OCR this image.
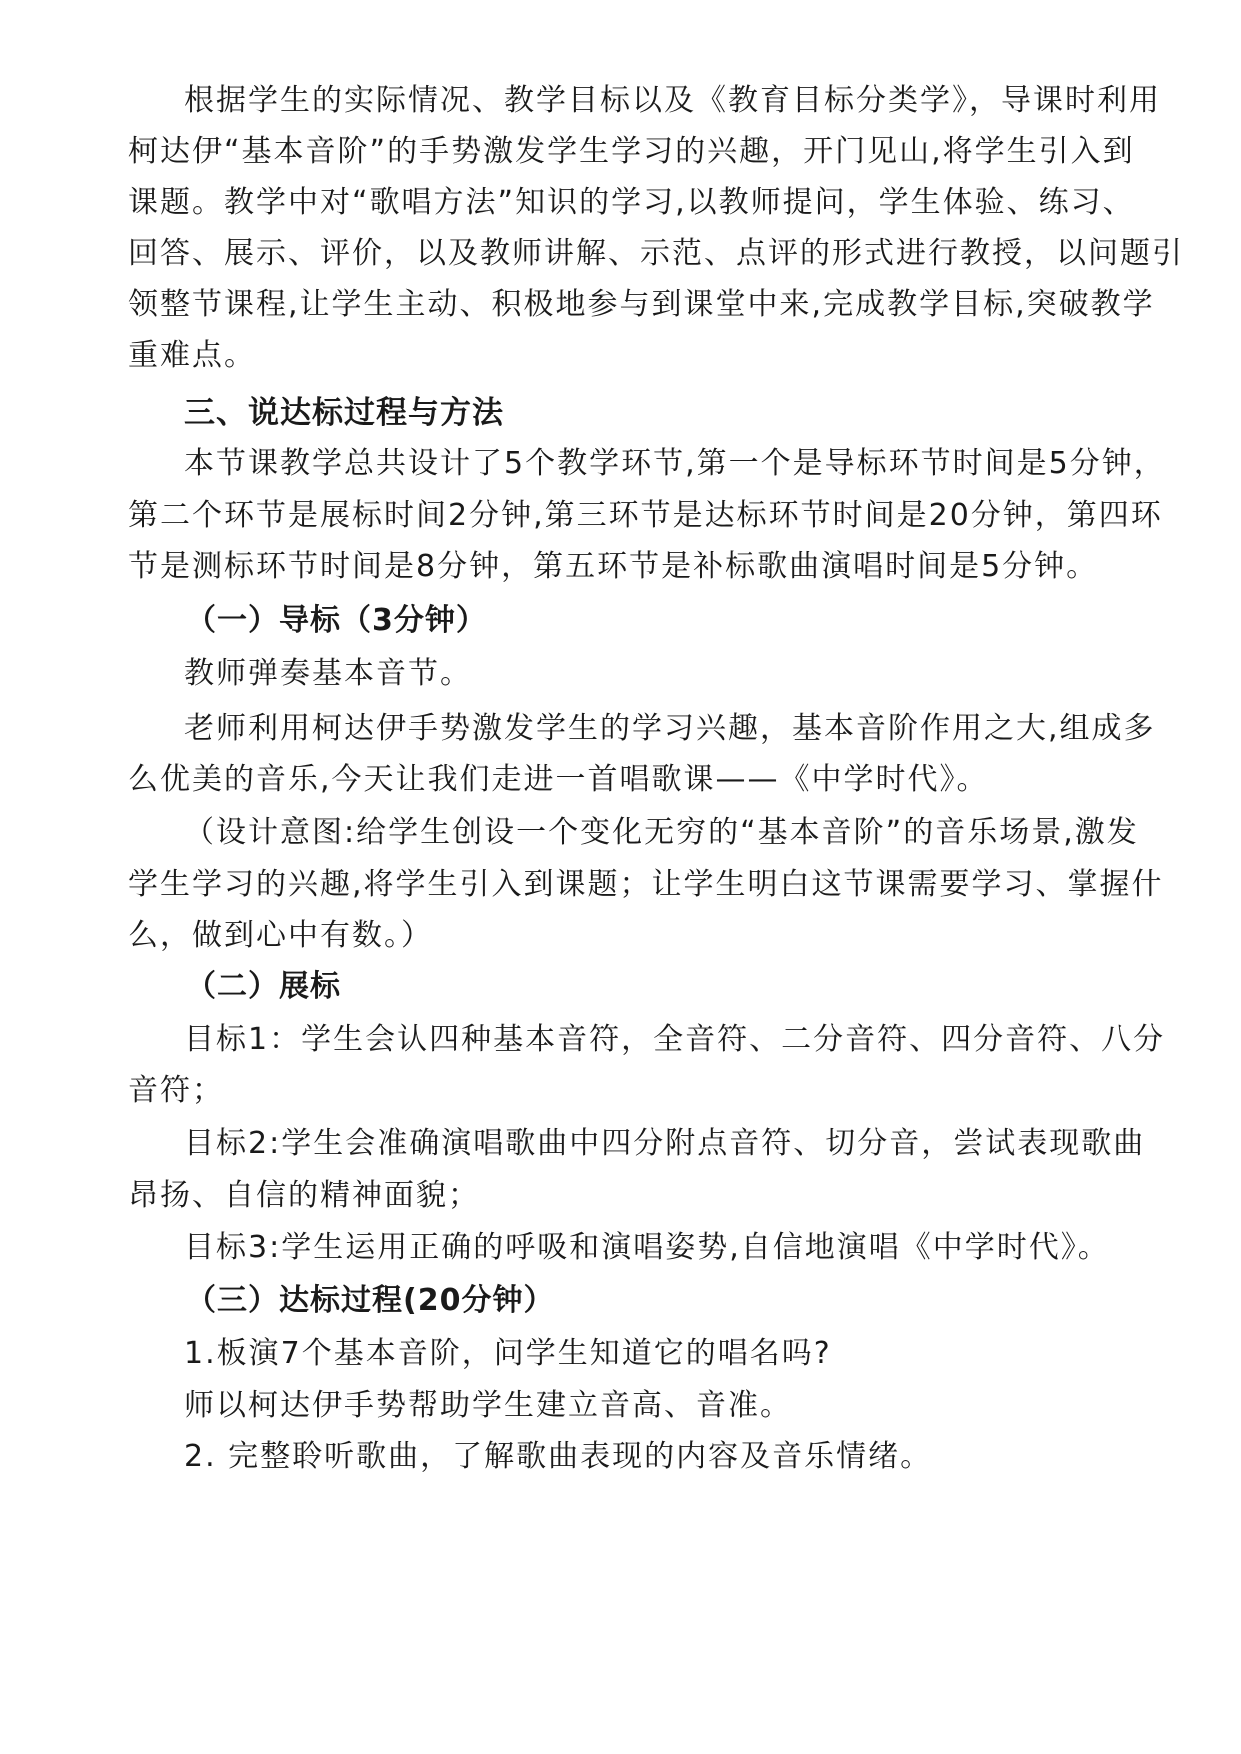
根据学生的实际情况、教学目标以及《教育目标分类学》，导课时利用
柯达伊“基本音阶”的手势激发学生学习的兴趣，开门见山,将学生引入到
课题。教学中对“歌唱方法”知识的学习,以教师提问，学生体验、练习、
回答、展示、评价，以及教师讲解、示范、点评的形式进行教授，以问题引
领整节课程,让学生主动、积极地参与到课堂中来,完成教学目标,突破教学
重难点。
三、说达标过程与方法
本节课教学总共设计了5个教学环节,第一个是导标环节时间是5分钟，
第二个环节是展标时间2分钟,第三环节是达标环节时间是20分钟，第四环
节是测标环节时间是8分钟，第五环节是补标歌曲演唱时间是5分钟。
（一）导标（3分钟）
教师弹奏基本音节。
老师利用柯达伊手势激发学生的学习兴趣，基本音阶作用之大,组成多
么优美的音乐,今天让我们走进一首唱歌课——《中学时代》。
（设计意图:给学生创设一个变化无穷的“基本音阶”的音乐场景,激发
学生学习的兴趣,将学生引入到课题；让学生明白这节课需要学习、掌握什
么，做到心中有数。）
（二）展标
目标1：学生会认四种基本音符，全音符、二分音符、四分音符、八分
音符；
目标2:学生会准确演唱歌曲中四分附点音符、切分音，尝试表现歌曲
昂扬、自信的精神面貌；
目标3:学生运用正确的呼吸和演唱姿势,自信地演唱《中学时代》。
（三）达标过程(20分钟）
1.板演7个基本音阶，问学生知道它的唱名吗?
师以柯达伊手势帮助学生建立音高、音准。
2. 完整聆听歌曲，了解歌曲表现的内容及音乐情绪。
